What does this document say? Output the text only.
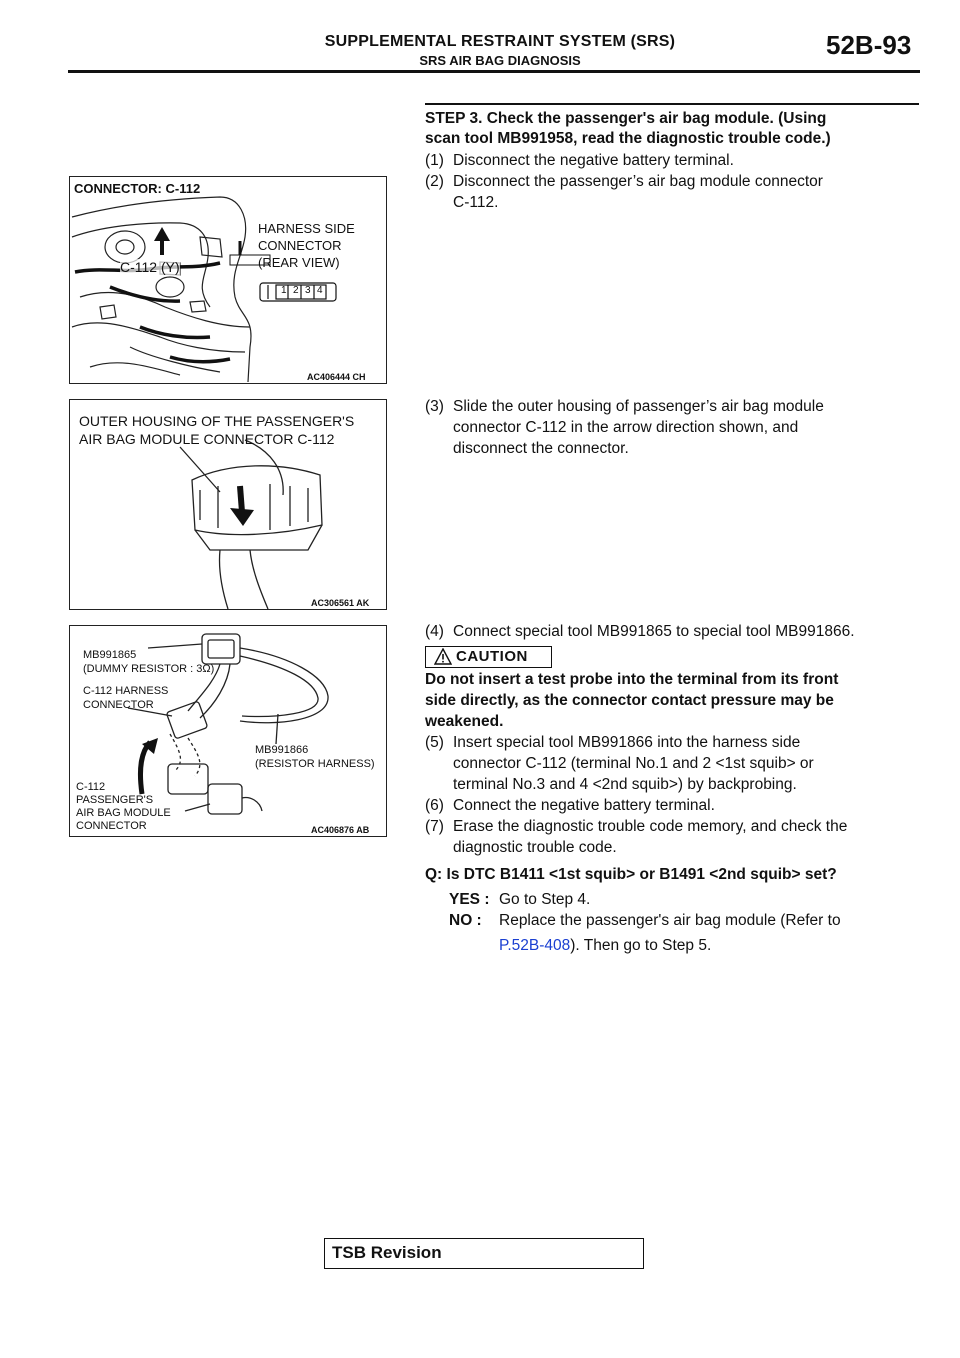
SUPPLEMENTAL RESTRAINT SYSTEM (SRS)
SRS AIR BAG DIAGNOSIS
52B-93
CONNECTOR: C-112
HARNESS SIDE
CONNECTOR
(REAR VIEW)
C-112 (Y)
1 2 3 4
AC406444 CH
OUTER HOUSING OF THE PASSENGER'S
AIR BAG MODULE CONNECTOR C-112
AC306561 AK
MB991865
(DUMMY RESISTOR : 3Ω)
C-112 HARNESS
CONNECTOR
MB991866
(RESISTOR HARNESS)
C-112
PASSENGER'S
AIR BAG MODULE
CONNECTOR	AC406876 AB
STEP 3. Check the passenger's air bag module. (Using
scan tool MB991958, read the diagnostic trouble code.)
(1) Disconnect the negative battery terminal.
(2) Disconnect the passenger’s air bag module connector
C-112.
(3) Slide the outer housing of passenger’s air bag module
connector C-112 in the arrow direction shown, and
disconnect the connector.
(4) Connect special tool MB991865 to special tool MB991866.
CAUTION
Do not insert a test probe into the terminal from its front
side directly, as the connector contact pressure may be
weakened.
(5) Insert special tool MB991866 into the harness side
connector C-112 (terminal No.1 and 2 <1st squib> or
terminal No.3 and 4 <2nd squib>) by backprobing.
(6) Connect the negative battery terminal.
(7) Erase the diagnostic trouble code memory, and check the
diagnostic trouble code.
Q: Is DTC B1411 <1st squib> or B1491 <2nd squib> set?
YES : Go to Step 4.
NO : Replace the passenger's air bag module (Refer to
P.52B-408). Then go to Step 5.
TSB Revision
